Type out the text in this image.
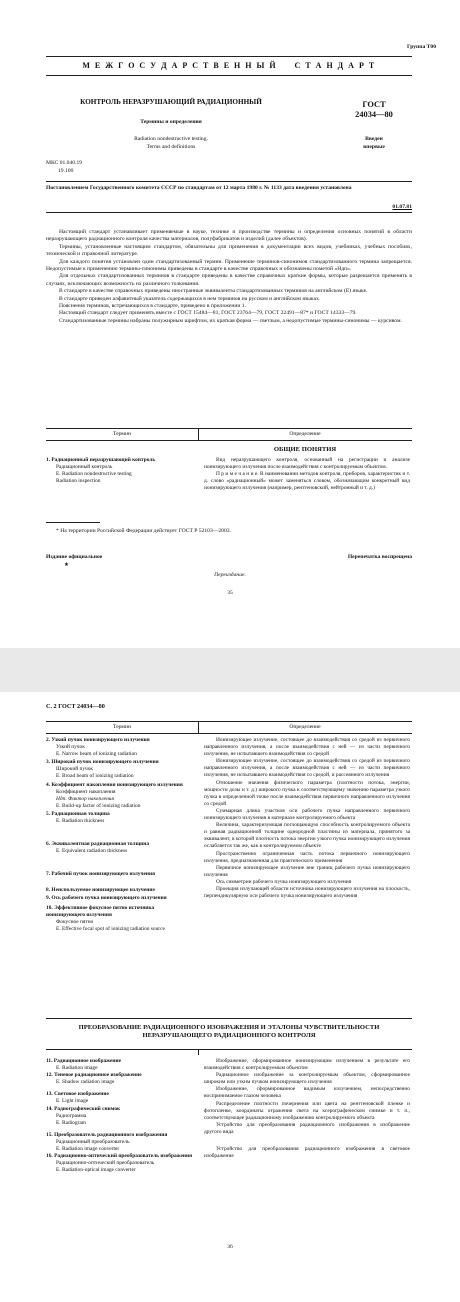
Группа Т00
М Е Ж Г О С У Д А Р С Т В Е Н Н Ы Й     С Т А Н Д А Р Т
КОНТРОЛЬ НЕРАЗРУШАЮЩИЙ РАДИАЦИОННЫЙ
Термины и определения
Radiation nondestructive testing.
Terms and definitions
ГОСТ
24034—80
Введен
впервые
МКС 01.040.19
19.100
Постановлением Государственного комитета СССР по стандартам от 12 марта 1980 г. № 1133 дата введения установлена
01.07.81

Настоящий стандарт устанавливает применяемые в науке, технике и производстве термины и определения основных понятий в области неразрушающего радиационного контроля качества материалов, полуфабрикатов и изделий (далее объектов).

Термины, установленные настоящим стандартом, обязательны для применения в документации всех видов, учебниках, учебных пособиях, технической и справочной литературе.

Для каждого понятия установлен один стандартизованный термин. Применение терминов-синонимов стандартизованного термина запрещается. Недопустимые к применению термины-синонимы приведены в стандарте в качестве справочных и обозначены пометой «Ндп».

Для отдельных стандартизованных терминов в стандарте приведены в качестве справочных краткие формы, которые разрешается применять в случаях, исключающих возможность их различного толкования.

В стандарте в качестве справочных приведены иностранные эквиваленты стандартизованных терминов на английском (Е) языке.

В стандарте приведен алфавитный указатель содержащихся в нем терминов на русском и английском языках.

Пояснения терминов, встречающихся в стандарте, приведено в приложении 1.

Настоящий стандарт следует применять вместе с ГОСТ 15484—81, ГОСТ 23764—79, ГОСТ 22491—87* и ГОСТ 14333—79.

Стандартизованные термины набраны полужирным шрифтом, их краткая форма — светлым, а недопустимые термины-синонимы — курсивом.

Термин	Определение
ОБЩИЕ ПОНЯТИЯ

1. Радиационный неразрушающий контроль

Радиационный контроль

E. Radiation nondestructive testing

Radiation inspection

Вид неразрушающего контроля, основанный на регистрации и анализе ионизирующего излучения после взаимодействия с контролируемым объектом.

П р и м е ч а н и е. В наименовании методов контроля, приборов, характеристик и т. д. слово «радиационный» может заменяться словом, обозначающим конкретный вид ионизирующего излучения (например, рентгеновский, нейтронный и т. д.)

* На территории Российской Федерации действует ГОСТ Р 52103—2003.
Издание официальное
★
Перепечатка воспрещена
Переиздание.
35
С. 2 ГОСТ 24034—80
Термин	Определение

2. Узкий пучок ионизирующего излучения

Узкий пучок

E. Narrow beam of ionizing radiation

3. Широкий пучок ионизирующего излучения

Широкий пучок

E. Broad beam of ionizing radiation

4. Коэффициент накопления ионизирующего излучения

Коэффициент накопления

Ндп. Фактор накопления

E. Build-up factor of ionizing radiation

5. Радиационная толщина

E. Radiation thickness

6. Эквивалентная радиационная толщина

E. Equivalent radiation thickness

7. Рабочий пучок ионизирующего излучения

8. Неиспользуемое ионизирующее излучение

9. Ось рабочего пучка ионизирующего излучения

10. Эффективное фокусное пятно источника ионизирующего излучения

Фокусное пятно

E. Effective focal spot of ionizing radiation source

Ионизирующее излучение, состоящее до взаимодействия со средой из первичного направленного излучения, а после взаимодействия с ней — из части первичного излучения, не испытавшего взаимодействия со средой

Ионизирующее излучение, состоящее до взаимодействия со средой из первичного направленного излучения, а после взаимодействия с ней — из части первичного излучения, не испытавшего взаимодействия со средой, и рассеянного излучения

Отношение значения физического параметра (плотности потока, энергии, мощности дозы и т. д.) широкого пучка к соответствующему значению параметра узкого пучка в определенной точке после взаимодействия первичного направленного излучения со средой

Суммарная длина участков оси рабочего пучка направленного первичного ионизирующего излучения в материале контролируемого объекта

Величина, характеризующая поглощающую способность контролируемого объекта и равная радиационной толщине однородной пластины из материала, принятого за эквивалент, в которой плотность потока энергии узкого пучка ионизирующего излучения ослабляется так же, как в контролируемом объекте

Пространственно ограниченная часть потока первичного ионизирующего излучения, предназначенная для практического применения

Первичное ионизирующее излучение вне границ рабочего пучка ионизирующего излучения

Ось симметрии рабочего пучка ионизирующего излучения

Проекция излучающей области источника ионизирующего излучения на плоскость, перпендикулярную оси рабочего пучка ионизирующего излучения

ПРЕОБРАЗОВАНИЕ РАДИАЦИОННОГО ИЗОБРАЖЕНИЯ И ЭТАЛОНЫ ЧУВСТВИТЕЛЬНОСТИ НЕРАЗРУШАЮЩЕГО РАДИАЦИОННОГО КОНТРОЛЯ

11. Радиационное изображение

E. Radiation image

12. Теневое радиационное изображение

E. Shadow radiation image

13. Световое изображение

E. Light image

14. Радиографический снимок

Радиограмма

E. Radiogram

15. Преобразователь радиационного изображения

Радиационный преобразователь

E. Radiation image converter

16. Радиационно-оптический преобразователь изображения

Радиационно-оптический преобразователь

E. Radiation-optical image converter

Изображение, сформированное ионизирующим излучением в результате его взаимодействия с контролируемым объектом

Радиационное изображение за контролируемым объектом, сформированное широким или узким пучком ионизирующего излучения

Изображение, сформированное видимым излучением, непосредственно воспринимаемое глазом человека

Распределение плотности почернения или цвета на рентгеновской пленке и фотопленке, координаты отражения света на ксерографическом снимке и т. п., соответствующее радиационному изображению контролируемого объекта

Устройство для преобразования радиационного изображения в изображение другого вида

Устройство для преобразования радиационного изображения в световое изображение

36
